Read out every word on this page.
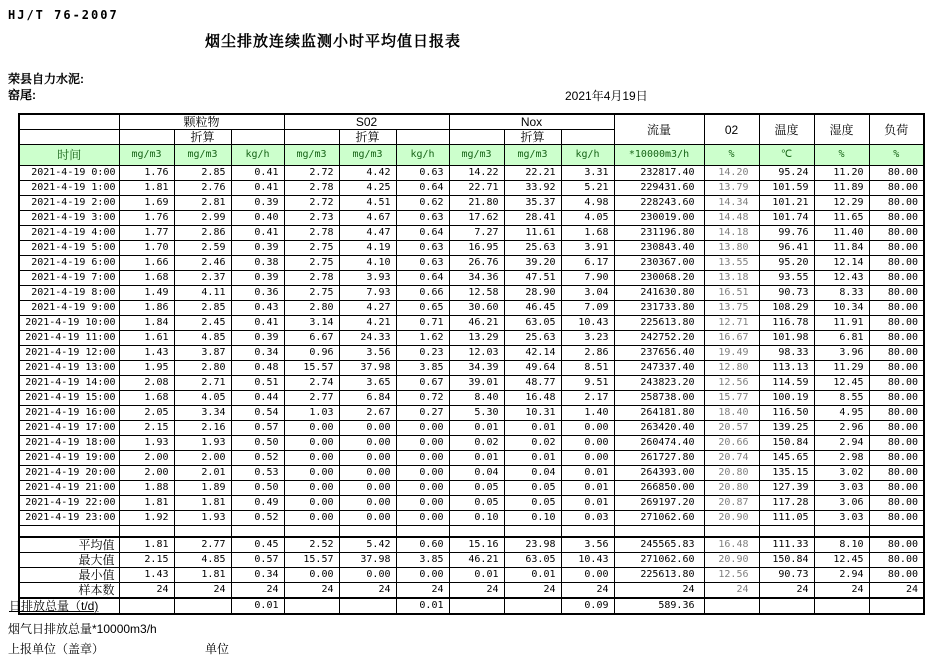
HJ/T 76-2007
烟尘排放连续监测小时平均值日报表
荣县自力水泥:
窑尾:	2021年4月19日
	颗粒物			S02			Nox			流量	02	温度	湿度	负荷
		折算			折算			折算						
时间	mg/m3	mg/m3	kg/h	mg/m3	mg/m3	kg/h	mg/m3	mg/m3	kg/h	*10000m3/h	%	℃	%	%
2021-4-19 0:00	1.76	2.85	0.41	2.72	4.42	0.63	14.22	22.21	3.31	232817.40	14.20	95.24	11.20	80.00
2021-4-19 1:00	1.81	2.76	0.41	2.78	4.25	0.64	22.71	33.92	5.21	229431.60	13.79	101.59	11.89	80.00
2021-4-19 2:00	1.69	2.81	0.39	2.72	4.51	0.62	21.80	35.37	4.98	228243.60	14.34	101.21	12.29	80.00
2021-4-19 3:00	1.76	2.99	0.40	2.73	4.67	0.63	17.62	28.41	4.05	230019.00	14.48	101.74	11.65	80.00
2021-4-19 4:00	1.77	2.86	0.41	2.78	4.47	0.64	7.27	11.61	1.68	231196.80	14.18	99.76	11.40	80.00
2021-4-19 5:00	1.70	2.59	0.39	2.75	4.19	0.63	16.95	25.63	3.91	230843.40	13.80	96.41	11.84	80.00
2021-4-19 6:00	1.66	2.46	0.38	2.75	4.10	0.63	26.76	39.20	6.17	230367.00	13.55	95.20	12.14	80.00
2021-4-19 7:00	1.68	2.37	0.39	2.78	3.93	0.64	34.36	47.51	7.90	230068.20	13.18	93.55	12.43	80.00
2021-4-19 8:00	1.49	4.11	0.36	2.75	7.93	0.66	12.58	28.90	3.04	241630.80	16.51	90.73	8.33	80.00
2021-4-19 9:00	1.86	2.85	0.43	2.80	4.27	0.65	30.60	46.45	7.09	231733.80	13.75	108.29	10.34	80.00
2021-4-19 10:00	1.84	2.45	0.41	3.14	4.21	0.71	46.21	63.05	10.43	225613.80	12.71	116.78	11.91	80.00
2021-4-19 11:00	1.61	4.85	0.39	6.67	24.33	1.62	13.29	25.63	3.23	242752.20	16.67	101.98	6.81	80.00
2021-4-19 12:00	1.43	3.87	0.34	0.96	3.56	0.23	12.03	42.14	2.86	237656.40	19.49	98.33	3.96	80.00
2021-4-19 13:00	1.95	2.80	0.48	15.57	37.98	3.85	34.39	49.64	8.51	247337.40	12.80	113.13	11.29	80.00
2021-4-19 14:00	2.08	2.71	0.51	2.74	3.65	0.67	39.01	48.77	9.51	243823.20	12.56	114.59	12.45	80.00
2021-4-19 15:00	1.68	4.05	0.44	2.77	6.84	0.72	8.40	16.48	2.17	258738.00	15.77	100.19	8.55	80.00
2021-4-19 16:00	2.05	3.34	0.54	1.03	2.67	0.27	5.30	10.31	1.40	264181.80	18.40	116.50	4.95	80.00
2021-4-19 17:00	2.15	2.16	0.57	0.00	0.00	0.00	0.01	0.01	0.00	263420.40	20.57	139.25	2.96	80.00
2021-4-19 18:00	1.93	1.93	0.50	0.00	0.00	0.00	0.02	0.02	0.00	260474.40	20.66	150.84	2.94	80.00
2021-4-19 19:00	2.00	2.00	0.52	0.00	0.00	0.00	0.01	0.01	0.00	261727.80	20.74	145.65	2.98	80.00
2021-4-19 20:00	2.00	2.01	0.53	0.00	0.00	0.00	0.04	0.04	0.01	264393.00	20.80	135.15	3.02	80.00
2021-4-19 21:00	1.88	1.89	0.50	0.00	0.00	0.00	0.05	0.05	0.01	266850.00	20.80	127.39	3.03	80.00
2021-4-19 22:00	1.81	1.81	0.49	0.00	0.00	0.00	0.05	0.05	0.01	269197.20	20.87	117.28	3.06	80.00
2021-4-19 23:00	1.92	1.93	0.52	0.00	0.00	0.00	0.10	0.10	0.03	271062.60	20.90	111.05	3.03	80.00

平均值	1.81	2.77	0.45	2.52	5.42	0.60	15.16	23.98	3.56	245565.83	16.48	111.33	8.10	80.00
最大值	2.15	4.85	0.57	15.57	37.98	3.85	46.21	63.05	10.43	271062.60	20.90	150.84	12.45	80.00
最小值	1.43	1.81	0.34	0.00	0.00	0.00	0.01	0.01	0.00	225613.80	12.56	90.73	2.94	80.00
样本数	24	24	24	24	24	24	24	24	24	24	24	24	24	24
日排放总量（t/d)			0.01			0.01			0.09	589.36				
烟气日排放总量*10000m3/h
上报单位（盖章）	单位
